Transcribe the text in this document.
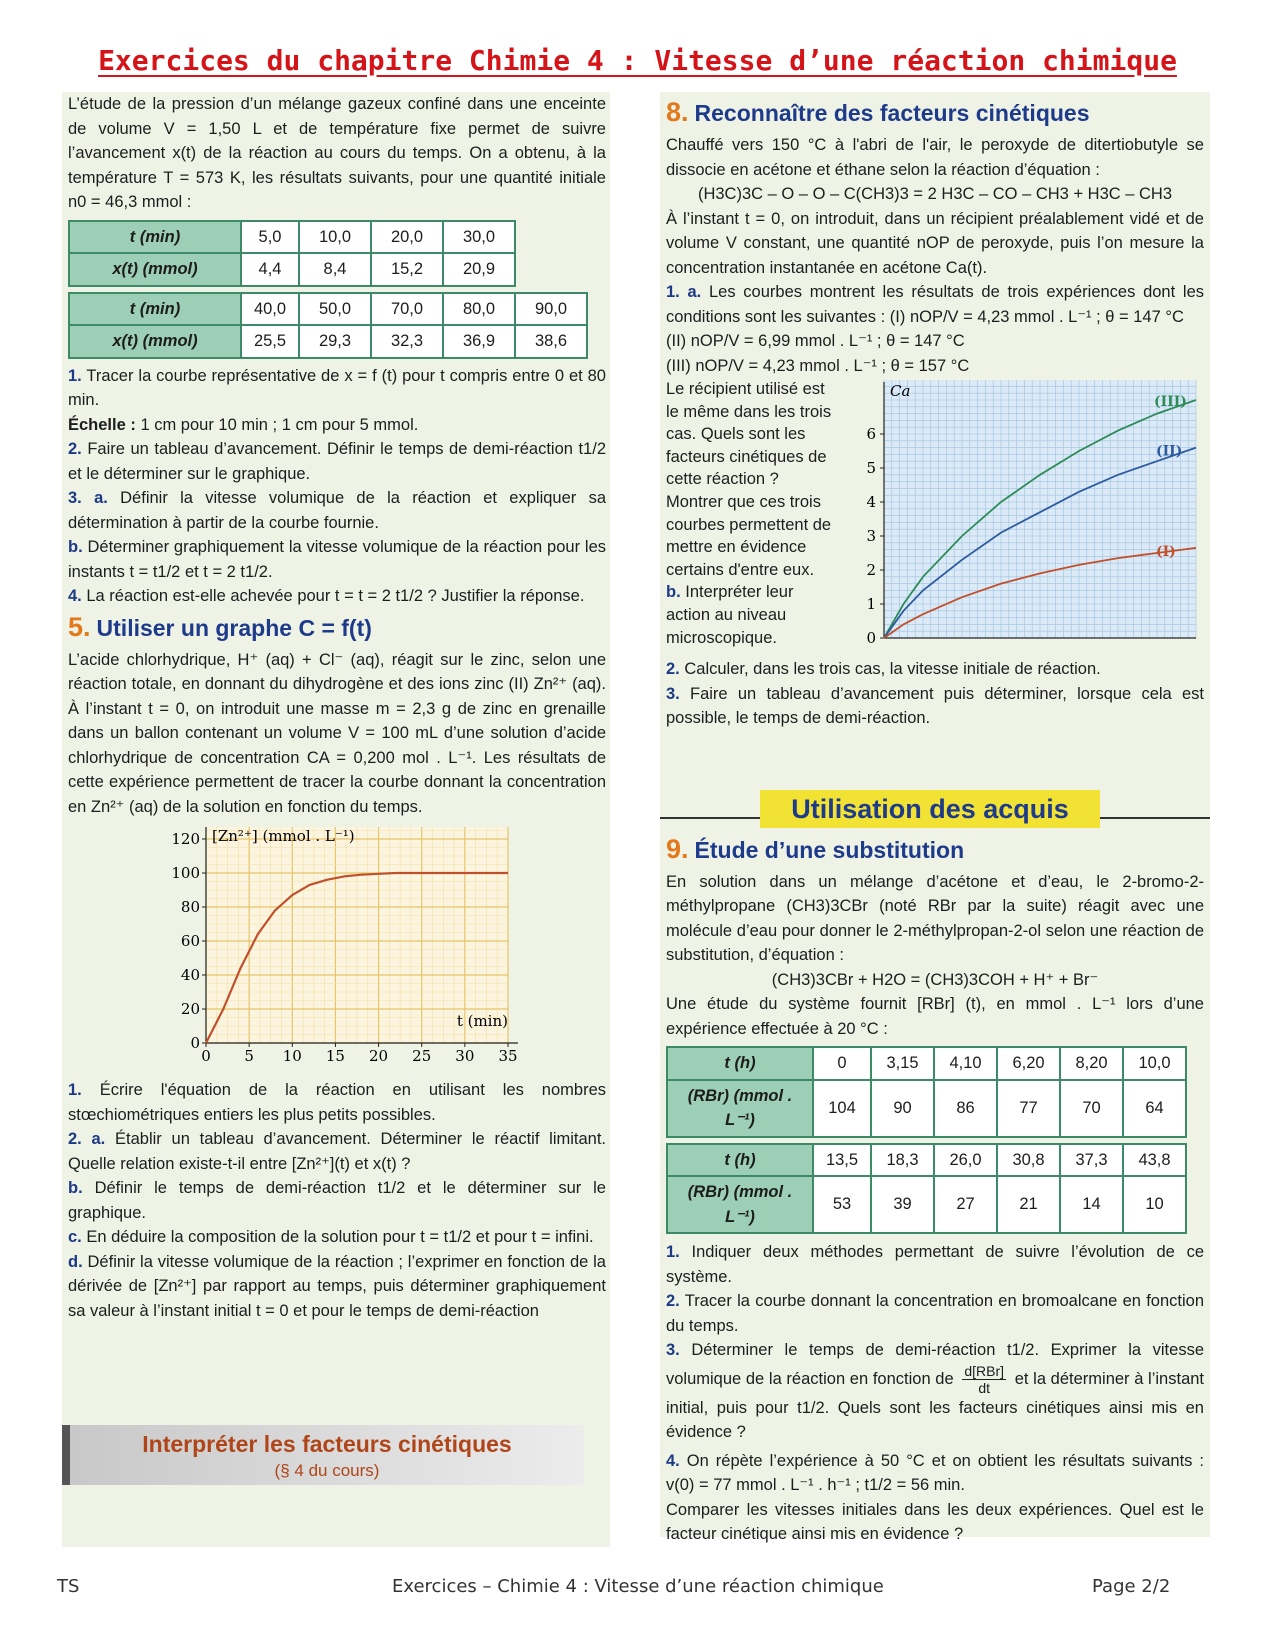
Exercices du chapitre Chimie 4 : Vitesse d’une réaction chimique

L’étude de la pression d’un mélange gazeux confiné dans une enceinte de volume V = 1,50 L et de température fixe permet de suivre l’avancement x(t) de la réaction au cours du temps. On a obtenu, à la température T = 573 K, les résultats suivants, pour une quantité initiale n0 = 46,3 mmol :

t (min)	5,0	10,0	20,0	30,0
x(t) (mmol)	4,4	8,4	15,2	20,9
t (min)	40,0	50,0	70,0	80,0	90,0
x(t) (mmol)	25,5	29,3	32,3	36,9	38,6

1. Tracer la courbe représentative de x = f (t) pour t compris entre 0 et 80 min.

Échelle : 1 cm pour 10 min ; 1 cm pour 5 mmol.

2. Faire un tableau d’avancement. Définir le temps de demi-réaction t1/2 et le déterminer sur le graphique.

3. a. Définir la vitesse volumique de la réaction et expliquer sa détermination à partir de la courbe fournie.

b. Déterminer graphiquement la vitesse volumique de la réaction pour les instants t = t1/2 et t = 2 t1/2.

4. La réaction est-elle achevée pour t = t = 2 t1/2 ? Justifier la réponse.

5. Utiliser un graphe C = f(t)

L’acide chlorhydrique, H⁺ (aq) + Cl⁻ (aq), réagit sur le zinc, selon une réaction totale, en donnant du dihydrogène et des ions zinc (II) Zn²⁺ (aq). À l’instant t = 0, on introduit une masse m = 2,3 g de zinc en grenaille dans un ballon contenant un volume V = 100 mL d’une solution d’acide chlorhydrique de concentration CA = 0,200 mol . L⁻¹. Les résultats de cette expérience permettent de tracer la courbe donnant la concentration en Zn²⁺ (aq) de la solution en fonction du temps.

0 5 10 15 20 25 30 35
0
20
40
60
80
100
120 [Zn²⁺] (mmol . L⁻¹)
t (min)

1. Écrire l'équation de la réaction en utilisant les nombres stœchiométriques entiers les plus petits possibles.

2. a. Établir un tableau d’avancement. Déterminer le réactif limitant. Quelle relation existe-t-il entre [Zn²⁺](t) et x(t) ?

b. Définir le temps de demi-réaction t1/2 et le déterminer sur le graphique.

c. En déduire la composition de la solution pour t = t1/2 et pour t = infini.

d. Définir la vitesse volumique de la réaction ; l’exprimer en fonction de la dérivée de [Zn²⁺] par rapport au temps, puis déterminer graphiquement sa valeur à l’instant initial t = 0 et pour le temps de demi-réaction

Interpréter les facteurs cinétiques
(§ 4 du cours)
8. Reconnaître des facteurs cinétiques

Chauffé vers 150 °C à l'abri de l'air, le peroxyde de ditertiobutyle se dissocie en acétone et éthane selon la réaction d’équation :

(H3C)3C – O – O – C(CH3)3 = 2 H3C – CO – CH3 + H3C – CH3

À l’instant t = 0, on introduit, dans un récipient préalablement vidé et de volume V constant, une quantité nOP de peroxyde, puis l’on mesure la concentration instantanée en acétone Ca(t).

1. a. Les courbes montrent les résultats de trois expériences dont les conditions sont les suivantes : (I) nOP/V = 4,23 mmol . L⁻¹ ; θ = 147 °C

(II) nOP/V = 6,99 mmol . L⁻¹ ; θ = 147 °C

(III) nOP/V = 4,23 mmol . L⁻¹ ; θ = 157 °C

Le récipient utilisé est le même dans les trois cas. Quels sont les facteurs cinétiques de cette réaction ? Montrer que ces trois courbes permettent de mettre en évidence certains d'entre eux.

b. Interpréter leur action au niveau microscopique.	0
1
2
3
4
5
6
Ca
(III)
(II)
(I)

2. Calculer, dans les trois cas, la vitesse initiale de réaction.

3. Faire un tableau d’avancement puis déterminer, lorsque cela est possible, le temps de demi-réaction.

9. Étude d’une substitution

En solution dans un mélange d’acétone et d’eau, le 2-bromo-2-méthylpropane (CH3)3CBr (noté RBr par la suite) réagit avec une molécule d’eau pour donner le 2-méthylpropan-2-ol selon une réaction de substitution, d’équation :

(CH3)3CBr + H2O = (CH3)3COH + H⁺ + Br⁻

Une étude du système fournit [RBr] (t), en mmol . L⁻¹ lors d’une expérience effectuée à 20 °C :

t (h)	0	3,15	4,10	6,20	8,20	10,0
(RBr) (mmol . L⁻¹)	104	90	86	77	70	64
t (h)	13,5	18,3	26,0	30,8	37,3	43,8
(RBr) (mmol . L⁻¹)	53	39	27	21	14	10

1. Indiquer deux méthodes permettant de suivre l’évolution de ce système.

2. Tracer la courbe donnant la concentration en bromoalcane en fonction du temps.

3. Déterminer le temps de demi-réaction t1/2. Exprimer la vitesse volumique de la réaction en fonction de d[RBr]
dt
et la déterminer à l’instant initial, puis pour t1/2. Quels sont les facteurs cinétiques ainsi mis en évidence ?

4. On répète l’expérience à 50 °C et on obtient les résultats suivants : v(0) = 77 mmol . L⁻¹ . h⁻¹ ; t1/2 = 56 min.

Comparer les vitesses initiales dans les deux expériences. Quel est le facteur cinétique ainsi mis en évidence ?

Utilisation des acquis
TS	Exercices – Chimie 4 : Vitesse d’une réaction chimique	Page 2/2
